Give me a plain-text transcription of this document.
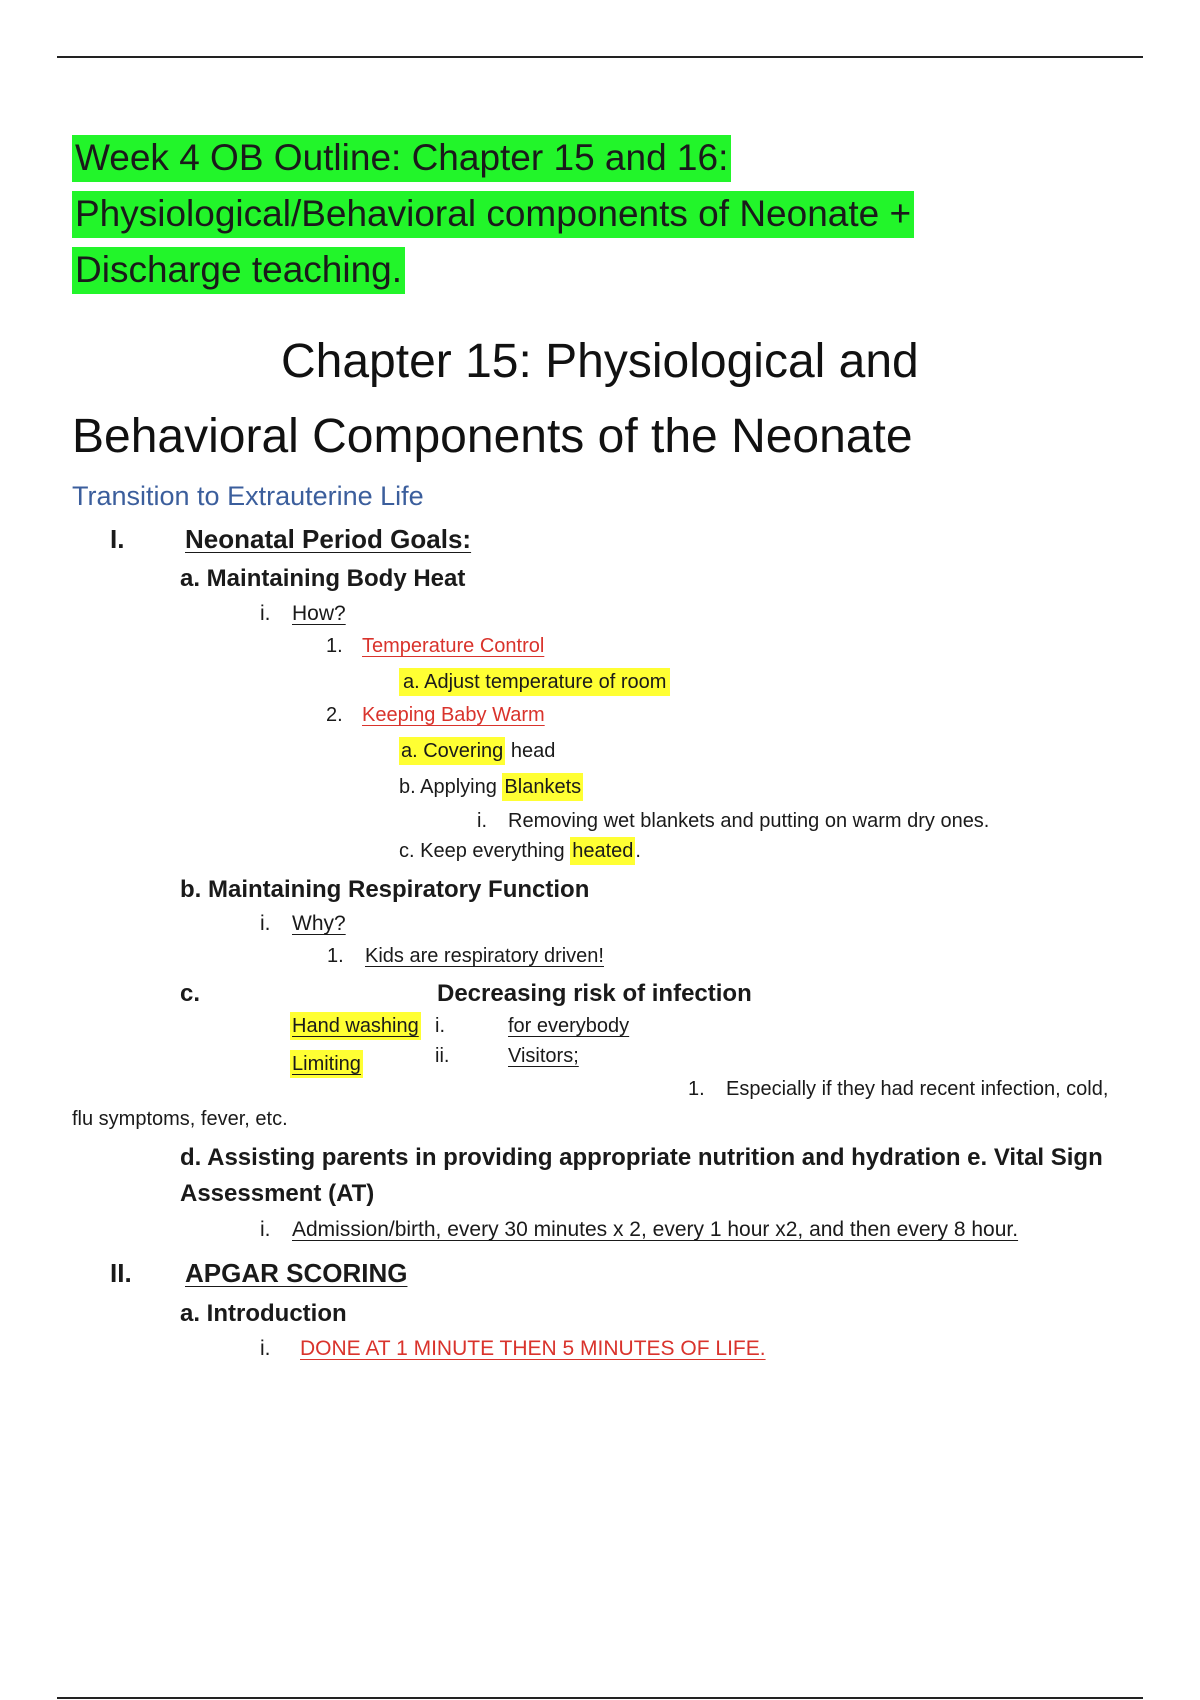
Week 4 OB Outline: Chapter 15 and 16:
Physiological/Behavioral components of Neonate +
Discharge teaching.
Chapter 15: Physiological and
Behavioral Components of the Neonate
Transition to Extrauterine Life
I. Neonatal Period Goals:
a. Maintaining Body Heat
i. How?
1. Temperature Control
a. Adjust temperature of room
2. Keeping Baby Warm
a. Covering head
b. Applying Blankets
i. Removing wet blankets and putting on warm dry ones.
c. Keep everything heated .
b. Maintaining Respiratory Function
i. Why?
1. Kids are respiratory driven!
c.	Decreasing risk of infection
Hand washing i.	for everybody
Limiting	ii.	Visitors;
1. Especially if they had recent infection, cold,
flu symptoms, fever, etc.
d. Assisting parents in providing appropriate nutrition and hydration e. Vital Sign
Assessment (AT)
i. Admission/birth, every 30 minutes x 2, every 1 hour x2, and then every 8 hour.
II. APGAR SCORING
a. Introduction
i. DONE AT 1 MINUTE THEN 5 MINUTES OF LIFE.
